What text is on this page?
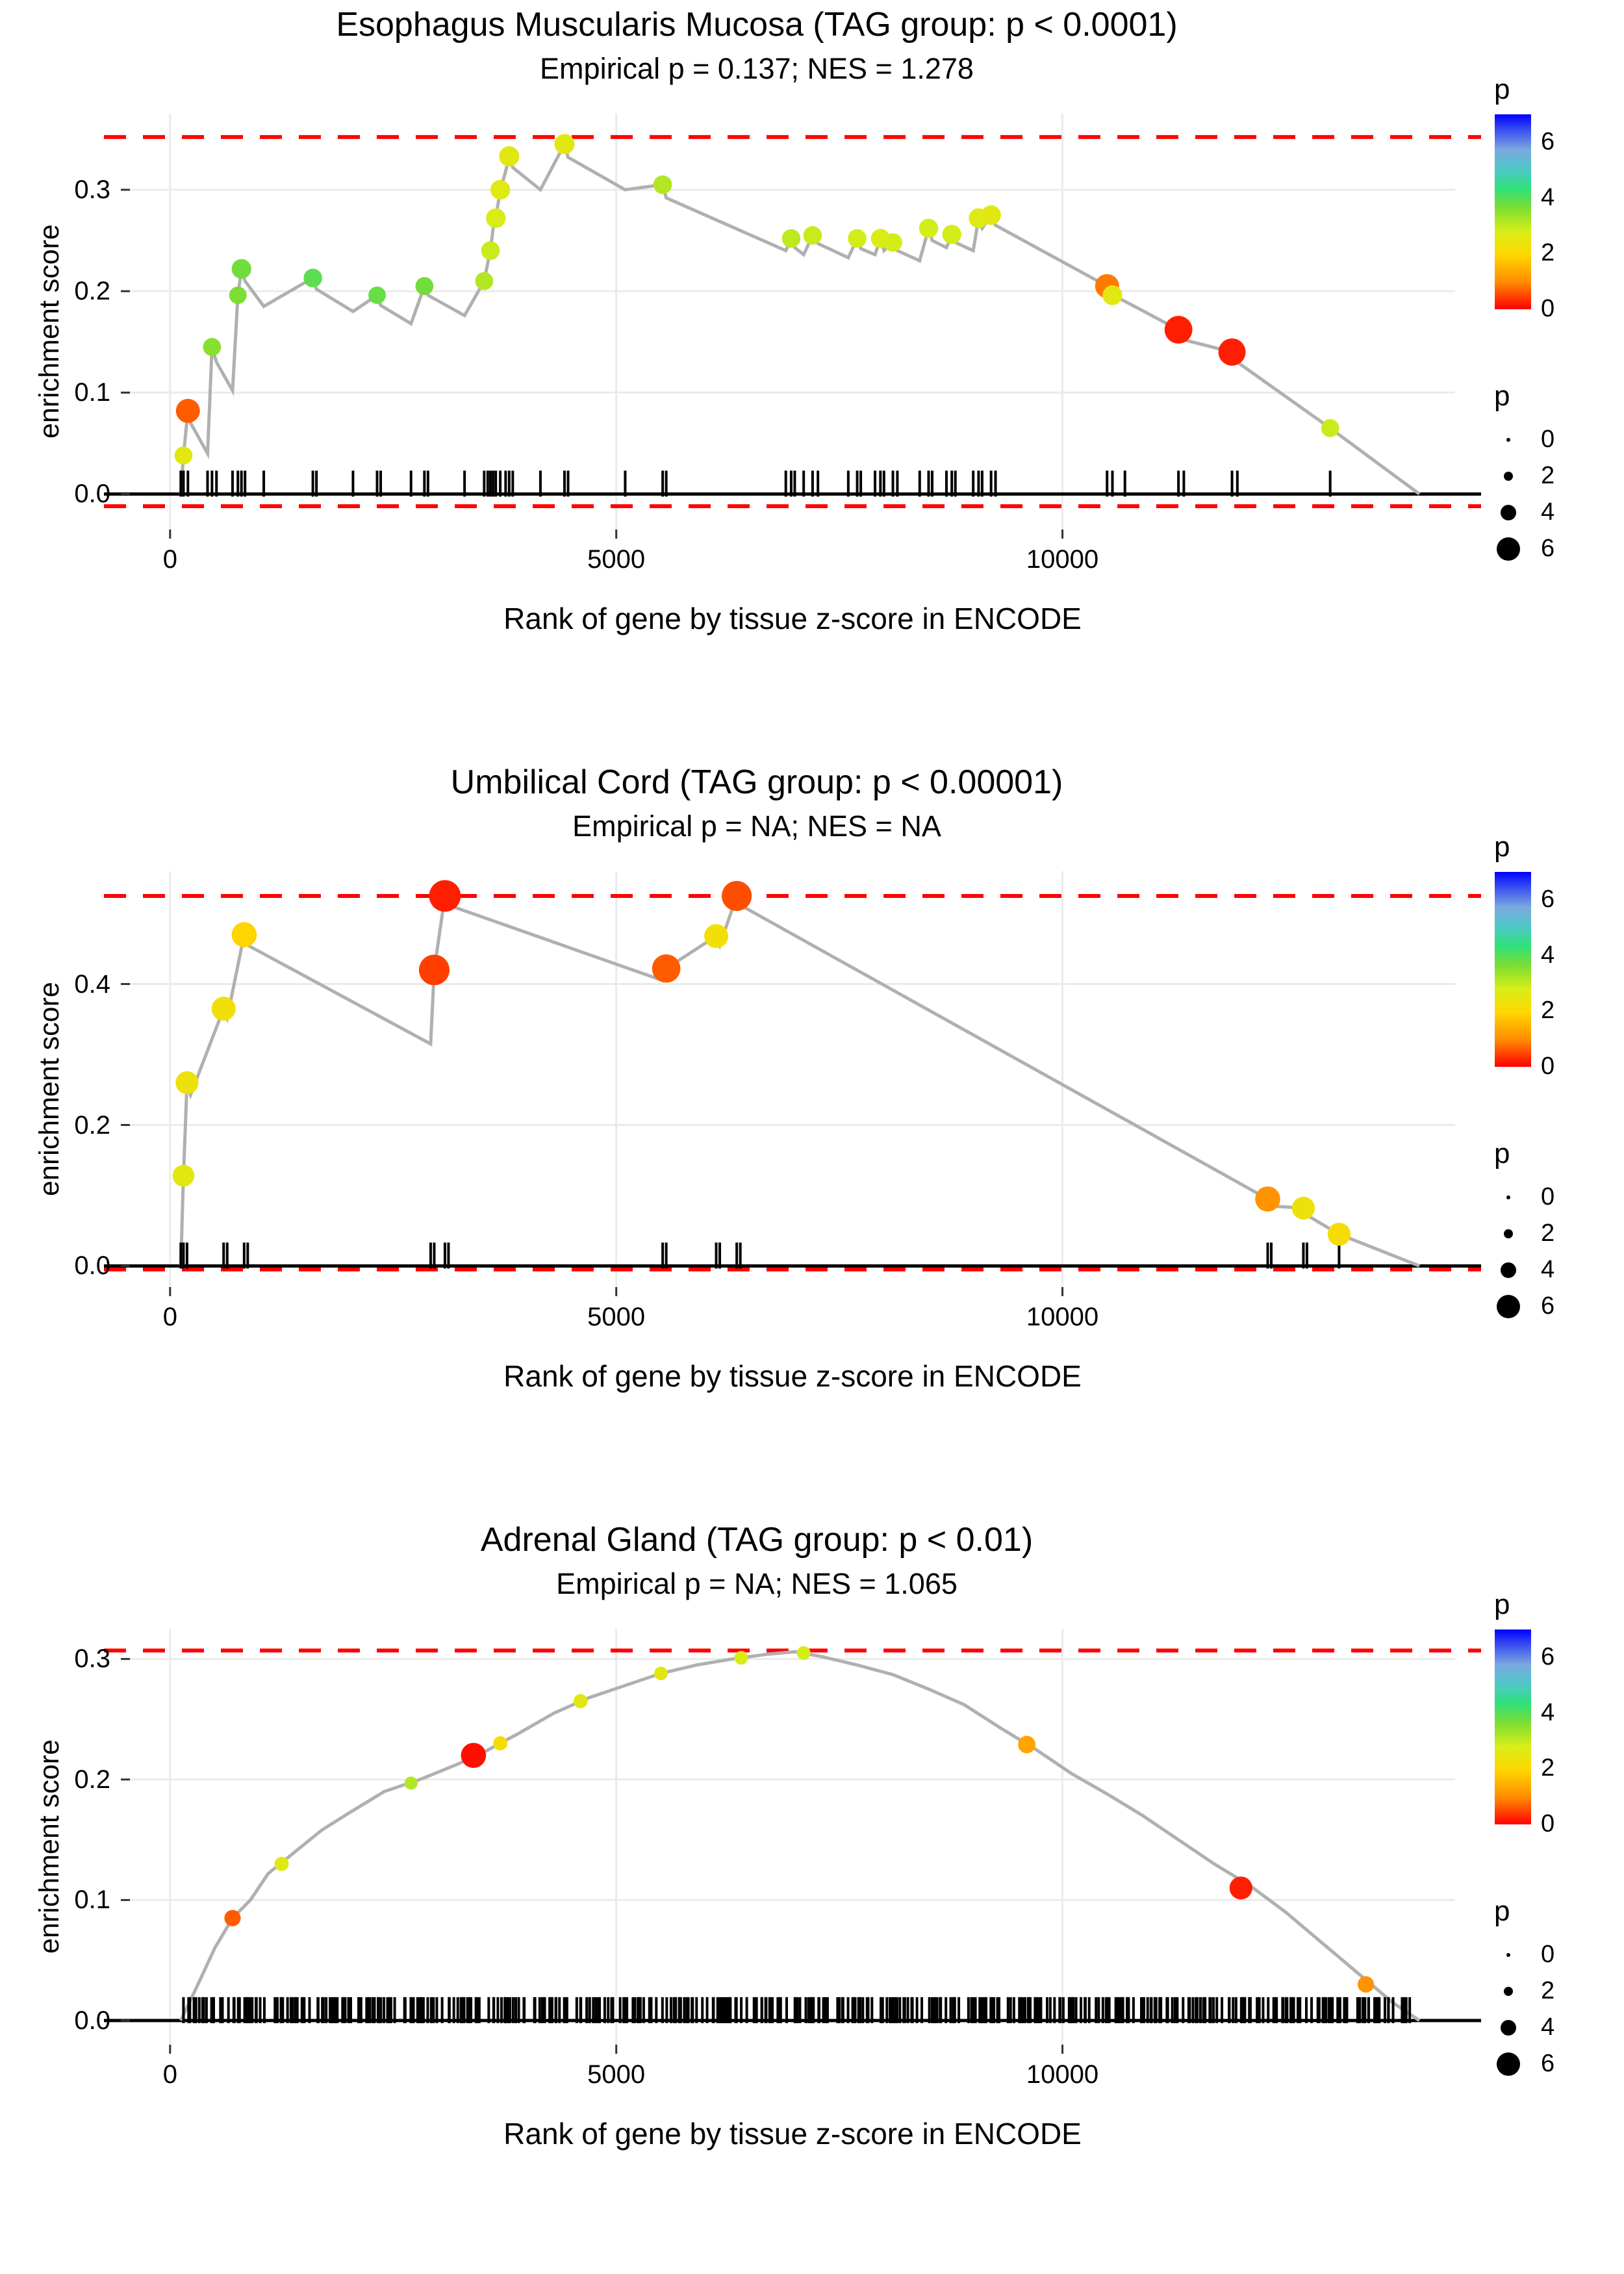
Esophagus Muscularis Mucosa (TAG group: p < 0.0001)
Empirical p = 0.137; NES = 1.278
enrichment score
Rank of gene by tissue z-score in ENCODE
0.0
0.1
0.2
0.3
0	5000	10000
p
0
2
4
6
p
0
2
4
6
Umbilical Cord (TAG group: p < 0.00001)
Empirical p = NA; NES = NA
enrichment score
Rank of gene by tissue z-score in ENCODE
0.0
0.2
0.4
0	5000	10000
p
0
2
4
6
p
0
2
4
6
Adrenal Gland (TAG group: p < 0.01)
Empirical p = NA; NES = 1.065
enrichment score
Rank of gene by tissue z-score in ENCODE
0.0
0.1
0.2
0.3
0	5000	10000
p
0
2
4
6
p
0
2
4
6
